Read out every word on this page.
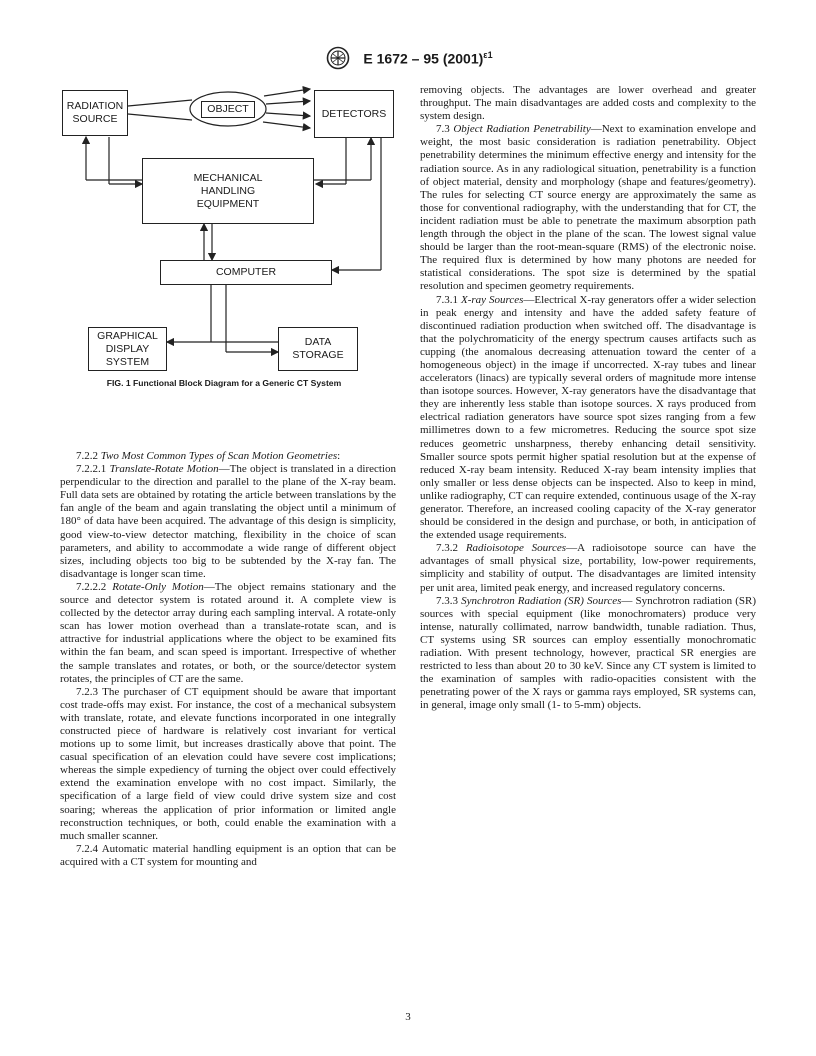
E 1672 – 95 $(2001)^{\varepsilon 1}$
RADIATION
SOURCE
OBJECT	DETECTORS
MECHANICAL
HANDLING
EQUIPMENT
COMPUTER
GRAPHICAL
DISPLAY
SYSTEM
DATA
STORAGE
FIG. 1 Functional Block Diagram for a Generic CT System

7.2.2 Two Most Common Types of Scan Motion Geometries:

7.2.2.1 Translate-Rotate Motion—The object is translated in a direction perpendicular to the direction and parallel to the plane of the X-ray beam. Full data sets are obtained by rotating the article between translations by the fan angle of the beam and again translating the object until a minimum of 180° of data have been acquired. The advantage of this design is simplicity, good view-to-view detector matching, flexibility in the choice of scan parameters, and ability to accommodate a wide range of different object sizes, including objects too big to be subtended by the X-ray fan. The disadvantage is longer scan time.

7.2.2.2 Rotate-Only Motion—The object remains stationary and the source and detector system is rotated around it. A complete view is collected by the detector array during each sampling interval. A rotate-only scan has lower motion overhead than a translate-rotate scan, and is attractive for industrial applications where the object to be examined fits within the fan beam, and scan speed is important. Irrespective of whether the sample translates and rotates, or both, or the source/detector system rotates, the principles of CT are the same.

7.2.3 The purchaser of CT equipment should be aware that important cost trade-offs may exist. For instance, the cost of a mechanical subsystem with translate, rotate, and elevate functions incorporated in one integrally constructed piece of hardware is relatively cost invariant for vertical motions up to some limit, but increases drastically above that point. The casual specification of an elevation could have severe cost implications; whereas the simple expediency of turning the object over could effectively extend the examination envelope with no cost impact. Similarly, the specification of a large field of view could drive system size and cost soaring; whereas the application of prior information or limited angle reconstruction techniques, or both, could enable the examination with a much smaller scanner.

7.2.4 Automatic material handling equipment is an option that can be acquired with a CT system for mounting and

removing objects. The advantages are lower overhead and greater throughput. The main disadvantages are added costs and complexity to the system design.

7.3 Object Radiation Penetrability—Next to examination envelope and weight, the most basic consideration is radiation penetrability. Object penetrability determines the minimum effective energy and intensity for the radiation source. As in any radiological situation, penetrability is a function of object material, density and morphology (shape and features/geometry). The rules for selecting CT source energy are approximately the same as those for conventional radiography, with the understanding that for CT, the incident radiation must be able to penetrate the maximum absorption path length through the object in the plane of the scan. The lowest signal value should be larger than the root-mean-square (RMS) of the electronic noise. The required flux is determined by how many photons are needed for statistical considerations. The spot size is determined by the spatial resolution and specimen geometry requirements.

7.3.1 X-ray Sources—Electrical X-ray generators offer a wider selection in peak energy and intensity and have the added safety feature of discontinued radiation production when switched off. The disadvantage is that the polychromaticity of the energy spectrum causes artifacts such as cupping (the anomalous decreasing attenuation toward the center of a homogeneous object) in the image if uncorrected. X-ray tubes and linear accelerators (linacs) are typically several orders of magnitude more intense than isotope sources. However, X-ray generators have the disadvantage that they are inherently less stable than isotope sources. X rays produced from electrical radiation generators have source spot sizes ranging from a few millimetres down to a few micrometres. Reducing the source spot size reduces geometric unsharpness, thereby enhancing detail sensitivity. Smaller source spots permit higher spatial resolution but at the expense of reduced X-ray beam intensity. Reduced X-ray beam intensity implies that only smaller or less dense objects can be inspected. Also to keep in mind, unlike radiography, CT can require extended, continuous usage of the X-ray generator. Therefore, an increased cooling capacity of the X-ray generator should be considered in the design and purchase, or both, in anticipation of the extended usage requirements.

7.3.2 Radioisotope Sources—A radioisotope source can have the advantages of small physical size, portability, low-power requirements, simplicity and stability of output. The disadvantages are limited intensity per unit area, limited peak energy, and increased regulatory concerns.

7.3.3 Synchrotron Radiation (SR) Sources— Synchrotron radiation (SR) sources with special equipment (like monochromaters) produce very intense, naturally collimated, narrow bandwidth, tunable radiation. Thus, CT systems using SR sources can employ essentially monochromatic radiation. With present technology, however, practical SR energies are restricted to less than about 20 to 30 keV. Since any CT system is limited to the examination of samples with radio-opacities consistent with the penetrating power of the X rays or gamma rays employed, SR systems can, in general, image only small (1- to 5-mm) objects.

3
